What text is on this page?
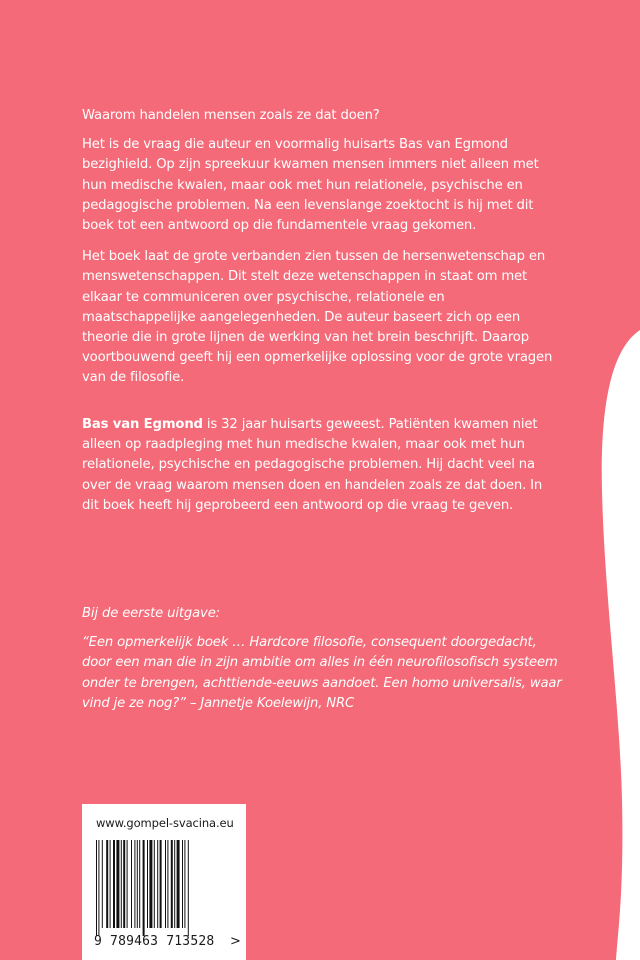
Waarom handelen mensen zoals ze dat doen?

Het is de vraag die auteur en voormalig huisarts Bas van Egmond bezighield. Op zijn spreekuur kwamen mensen immers niet alleen met hun medische kwalen, maar ook met hun relationele, psychische en pedagogische problemen. Na een levenslange zoektocht is hij met dit boek tot een antwoord op die fundamentele vraag gekomen.

Het boek laat de grote verbanden zien tussen de hersenwetenschap en menswetenschappen. Dit stelt deze wetenschappen in staat om met elkaar te communiceren over psychische, relationele en maatschappelijke aangelegenheden. De auteur baseert zich op een theorie die in grote lijnen de werking van het brein beschrijft. Daarop voortbouwend geeft hij een opmerkelijke oplossing voor de grote vragen van de filosofie.

Bas van Egmond is 32 jaar huisarts geweest. Patiënten kwamen niet alleen op raadpleging met hun medische kwalen, maar ook met hun relationele, psychische en pedagogische problemen. Hij dacht veel na over de vraag waarom mensen doen en handelen zoals ze dat doen. In dit boek heeft hij geprobeerd een antwoord op die vraag te geven.

Bij de eerste uitgave:

“Een opmerkelijk boek … Hardcore filosofie, consequent doorgedacht, door een man die in zijn ambitie om alles in één neurofilosofisch systeem onder te brengen, achttiende-eeuws aandoet. Een homo universalis, waar vind je ze nog?” – Jannetje Koelewijn, NRC

www.gompel-svacina.eu
9 789463 713528 >
